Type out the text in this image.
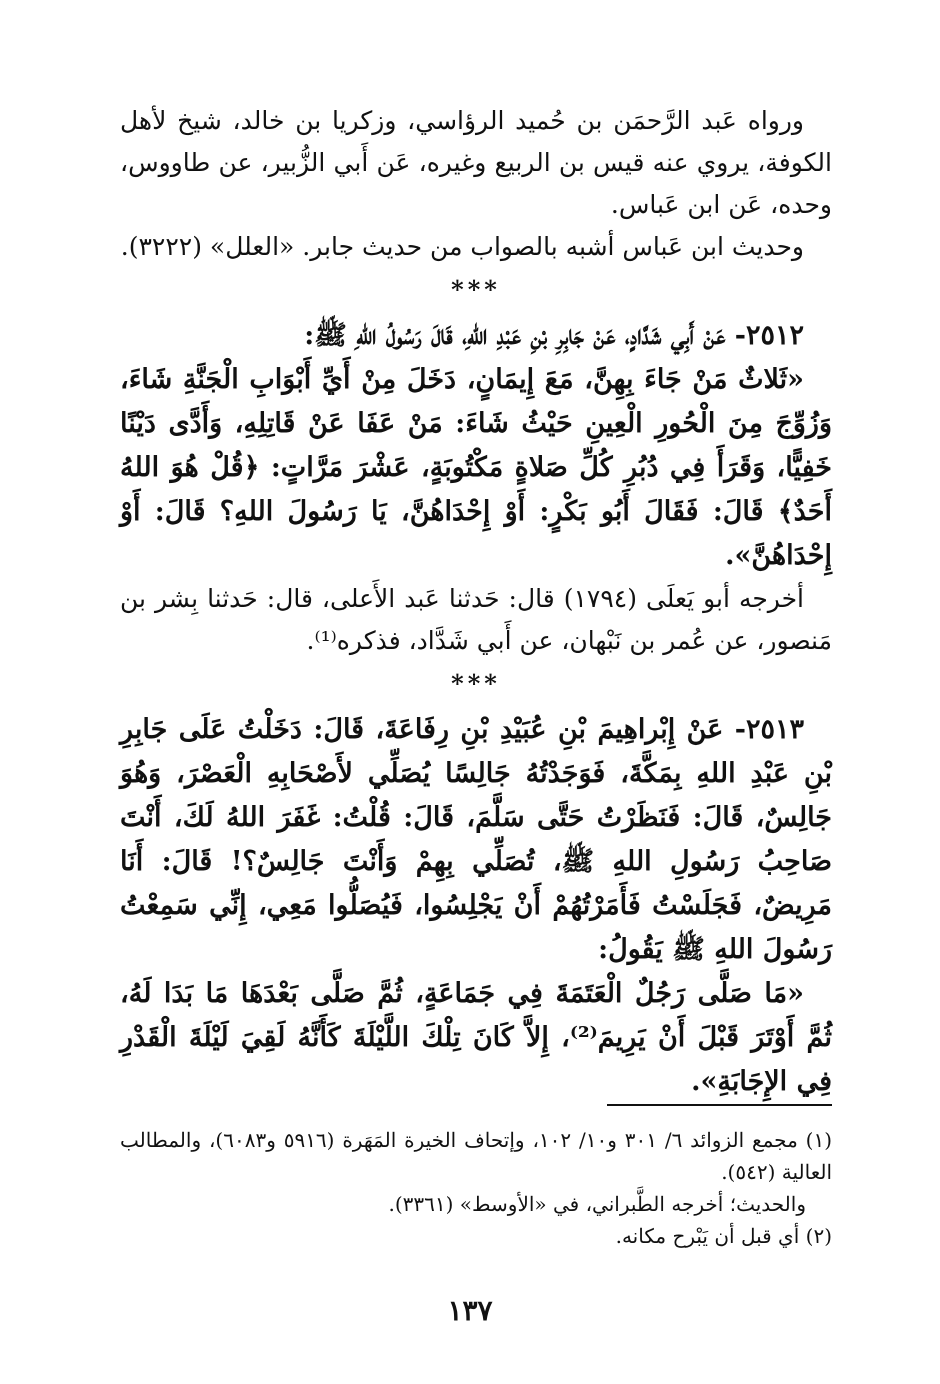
ورواه عَبد الرَّحمَن بن حُميد الرؤاسي، وزكريا بن خالد، شيخ لأهل الكوفة، يروي عنه قيس بن الربيع وغيره، عَن أَبي الزُّبير، عن طاووس، وحده، عَن ابن عَباس.

وحديث ابن عَباس أشبه بالصواب من حديث جابر. «العلل» (٣٢٢٢).

***

٢٥١٢- عَنْ أَبِي شَدَّادٍ، عَنْ جَابِرِ بْنِ عَبْدِ اللهِ، قَالَ رَسُولُ اللهِ ﷺ:

«ثَلاثٌ مَنْ جَاءَ بِهِنَّ، مَعَ إِيمَانٍ، دَخَلَ مِنْ أَيِّ أَبْوَابِ الْجَنَّةِ شَاءَ، وَزُوِّجَ مِنَ الْحُورِ الْعِينِ حَيْثُ شَاءَ: مَنْ عَفَا عَنْ قَاتِلِهِ، وَأَدَّى دَيْنًا خَفِيًّا، وَقَرَأَ فِي دُبُرِ كُلِّ صَلاةٍ مَكْتُوبَةٍ، عَشْرَ مَرَّاتٍ: ﴿قُلْ هُوَ اللهُ أَحَدٌ﴾ قَالَ: فَقَالَ أَبُو بَكْرٍ: أَوْ إِحْدَاهُنَّ، يَا رَسُولَ اللهِ؟ قَالَ: أَوْ إِحْدَاهُنَّ».

أخرجه أبو يَعلَى (١٧٩٤) قال: حَدثنا عَبد الأَعلى، قال: حَدثنا بِشر بن مَنصور، عن عُمر بن نَبْهان، عن أَبي شَدَّاد، فذكره⁽¹⁾.

***

٢٥١٣- عَنْ إِبْراهِيمَ بْنِ عُبَيْدِ بْنِ رِفَاعَةَ، قَالَ: دَخَلْتُ عَلَى جَابِرِ بْنِ عَبْدِ اللهِ بِمَكَّةَ، فَوَجَدْتُهُ جَالِسًا يُصَلِّي لأَصْحَابِهِ الْعَصْرَ، وَهُوَ جَالِسٌ، قَالَ: فَنَظَرْتُ حَتَّى سَلَّمَ، قَالَ: قُلْتُ: غَفَرَ اللهُ لَكَ، أَنْتَ صَاحِبُ رَسُولِ اللهِ ﷺ، تُصَلِّي بِهِمْ وَأَنْتَ جَالِسٌ؟! قَالَ: أَنَا مَرِيضٌ، فَجَلَسْتُ فَأَمَرْتُهُمْ أَنْ يَجْلِسُوا، فَيُصَلُّوا مَعِي، إِنِّي سَمِعْتُ رَسُولَ اللهِ ﷺ يَقُولُ:

«مَا صَلَّى رَجُلٌ الْعَتَمَةَ فِي جَمَاعَةٍ، ثُمَّ صَلَّى بَعْدَهَا مَا بَدَا لَهُ، ثُمَّ أَوْتَرَ قَبْلَ أَنْ يَرِيمَ⁽²⁾، إِلاَّ كَانَ تِلْكَ اللَّيْلَةَ كَأَنَّهُ لَقِيَ لَيْلَةَ الْقَدْرِ فِي الإِجَابَةِ».

(١) مجمع الزوائد ٦/ ٣٠١ و١٠/ ١٠٢، وإتحاف الخيرة المَهَرة (٥٩١٦ و٦٠٨٣)، والمطالب العالية (٥٤٢).

والحديث؛ أخرجه الطَّبراني، في «الأوسط» (٣٣٦١).

(٢) أي قبل أن يَبْرح مكانه.

١٣٧
